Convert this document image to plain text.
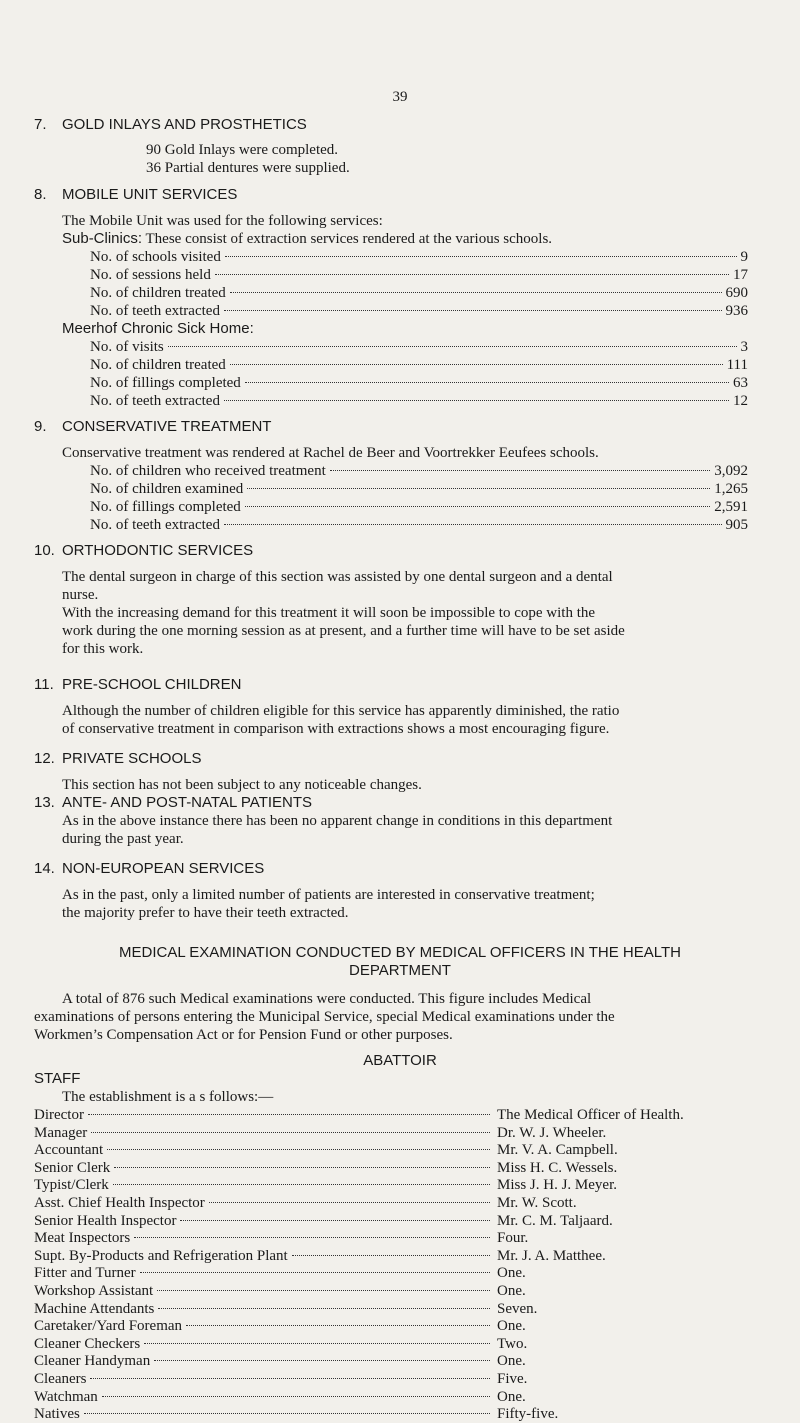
39
7. GOLD INLAYS AND PROSTHETICS
90 Gold Inlays were completed.
36 Partial dentures were supplied.
8. MOBILE UNIT SERVICES
The Mobile Unit was used for the following services:
Sub-Clinics: These consist of extraction services rendered at the various schools.
No. of schools visited	9
No. of sessions held	17
No. of children treated	690
No. of teeth extracted	936
Meerhof Chronic Sick Home:
No. of visits	3
No. of children treated	111
No. of fillings completed	63
No. of teeth extracted	12
9. CONSERVATIVE TREATMENT
Conservative treatment was rendered at Rachel de Beer and Voortrekker Eeufees schools.
No. of children who received treatment	3,092
No. of children examined	1,265
No. of fillings completed	2,591
No. of teeth extracted	905
10. ORTHODONTIC SERVICES
The dental surgeon in charge of this section was assisted by one dental surgeon and a dental
nurse.
With the increasing demand for this treatment it will soon be impossible to cope with the
work during the one morning session as at present, and a further time will have to be set aside
for this work.
11. PRE-SCHOOL CHILDREN
Although the number of children eligible for this service has apparently diminished, the ratio
of conservative treatment in comparison with extractions shows a most encouraging figure.
12. PRIVATE SCHOOLS
This section has not been subject to any noticeable changes.
13. ANTE- AND POST-NATAL PATIENTS
As in the above instance there has been no apparent change in conditions in this department
during the past year.
14. NON-EUROPEAN SERVICES
As in the past, only a limited number of patients are interested in conservative treatment;
the majority prefer to have their teeth extracted.
MEDICAL EXAMINATION CONDUCTED BY MEDICAL OFFICERS IN THE HEALTH
DEPARTMENT
A total of 876 such Medical examinations were conducted. This figure includes Medical
examinations of persons entering the Municipal Service, special Medical examinations under the
Workmen’s Compensation Act or for Pension Fund or other purposes.
ABATTOIR
STAFF
The establishment is a s follows:—
Director	The Medical Officer of Health.
Manager	Dr. W. J. Wheeler.
Accountant	Mr. V. A. Campbell.
Senior Clerk	Miss H. C. Wessels.
Typist/Clerk	Miss J. H. J. Meyer.
Asst. Chief Health Inspector	Mr. W. Scott.
Senior Health Inspector	Mr. C. M. Taljaard.
Meat Inspectors	Four.
Supt. By-Products and Refrigeration Plant	Mr. J. A. Matthee.
Fitter and Turner	One.
Workshop Assistant	One.
Machine Attendants	Seven.
Caretaker/Yard Foreman	One.
Cleaner Checkers	Two.
Cleaner Handyman	One.
Cleaners	Five.
Watchman	One.
Natives	Fifty-five.
